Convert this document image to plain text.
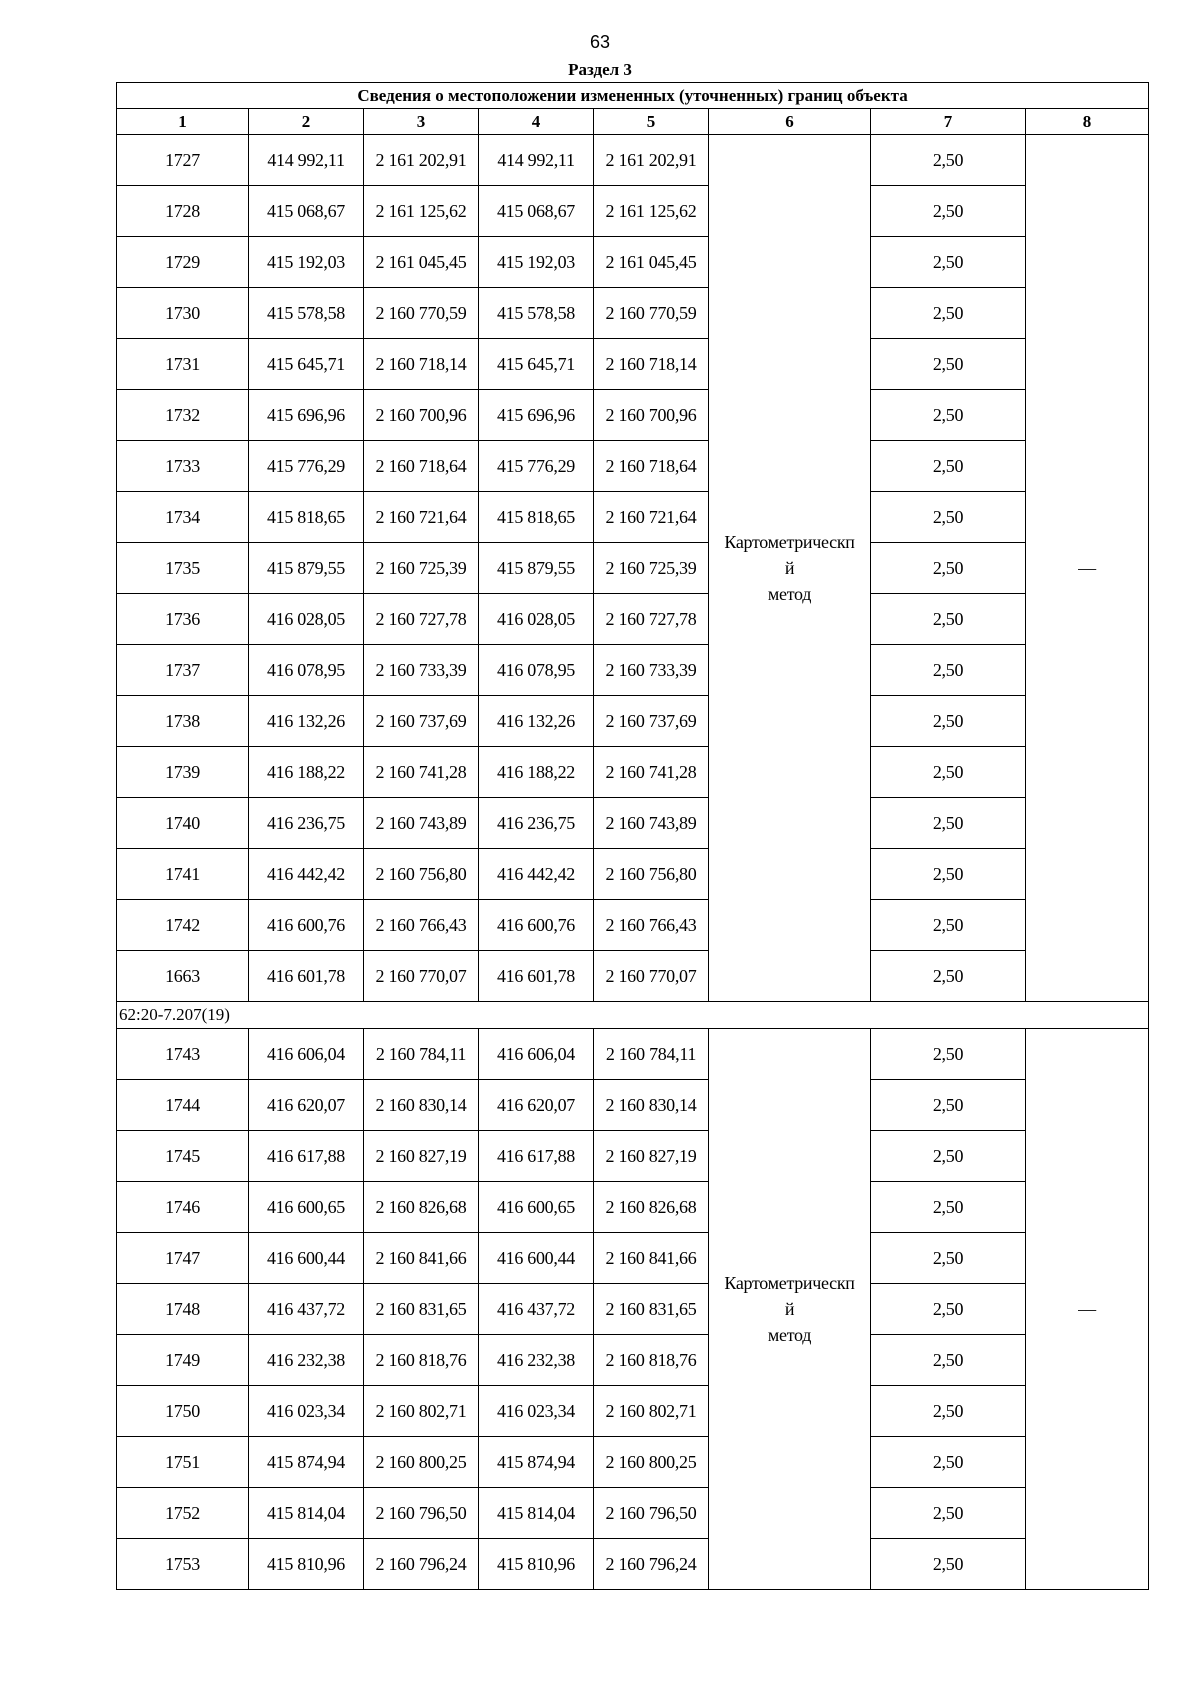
63
Раздел 3
Сведения о местоположении измененных (уточненных) границ объекта							
1	2	3	4	5	6	7	8
1727	414 992,11	2 161 202,91	414 992,11	2 161 202,91	Картометрическп
й
метод	2,50	—
1728	415 068,67	2 161 125,62	415 068,67	2 161 125,62		2,50	
1729	415 192,03	2 161 045,45	415 192,03	2 161 045,45		2,50	
1730	415 578,58	2 160 770,59	415 578,58	2 160 770,59		2,50	
1731	415 645,71	2 160 718,14	415 645,71	2 160 718,14		2,50	
1732	415 696,96	2 160 700,96	415 696,96	2 160 700,96		2,50	
1733	415 776,29	2 160 718,64	415 776,29	2 160 718,64		2,50	
1734	415 818,65	2 160 721,64	415 818,65	2 160 721,64		2,50	
1735	415 879,55	2 160 725,39	415 879,55	2 160 725,39		2,50	
1736	416 028,05	2 160 727,78	416 028,05	2 160 727,78		2,50	
1737	416 078,95	2 160 733,39	416 078,95	2 160 733,39		2,50	
1738	416 132,26	2 160 737,69	416 132,26	2 160 737,69		2,50	
1739	416 188,22	2 160 741,28	416 188,22	2 160 741,28		2,50	
1740	416 236,75	2 160 743,89	416 236,75	2 160 743,89		2,50	
1741	416 442,42	2 160 756,80	416 442,42	2 160 756,80		2,50	
1742	416 600,76	2 160 766,43	416 600,76	2 160 766,43		2,50	
1663	416 601,78	2 160 770,07	416 601,78	2 160 770,07		2,50	
62:20-7.207(19)							
1743	416 606,04	2 160 784,11	416 606,04	2 160 784,11	Картометрическп
й
метод	2,50	—
1744	416 620,07	2 160 830,14	416 620,07	2 160 830,14		2,50	
1745	416 617,88	2 160 827,19	416 617,88	2 160 827,19		2,50	
1746	416 600,65	2 160 826,68	416 600,65	2 160 826,68		2,50	
1747	416 600,44	2 160 841,66	416 600,44	2 160 841,66		2,50	
1748	416 437,72	2 160 831,65	416 437,72	2 160 831,65		2,50	
1749	416 232,38	2 160 818,76	416 232,38	2 160 818,76		2,50	
1750	416 023,34	2 160 802,71	416 023,34	2 160 802,71		2,50	
1751	415 874,94	2 160 800,25	415 874,94	2 160 800,25		2,50	
1752	415 814,04	2 160 796,50	415 814,04	2 160 796,50		2,50	
1753	415 810,96	2 160 796,24	415 810,96	2 160 796,24		2,50	
